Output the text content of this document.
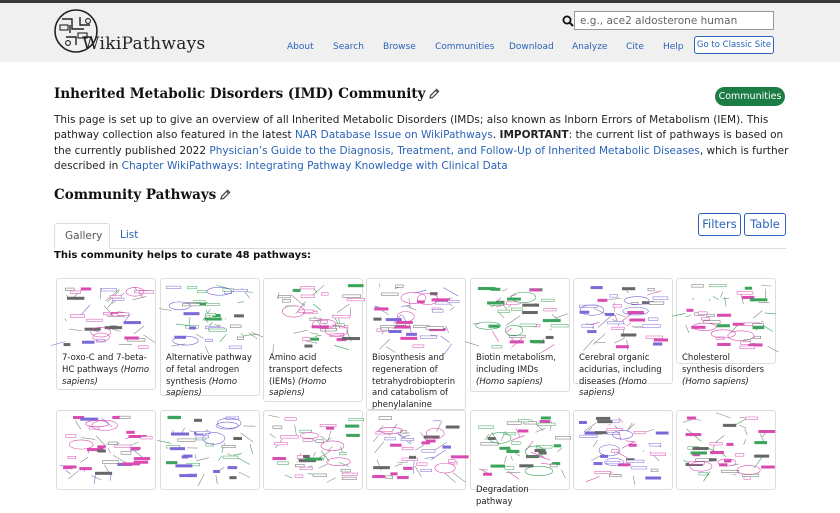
WikiPathways
e.g., ace2 aldosterone human	About Search Browse Communities Download Analyze Cite Help	Go to Classic Site
Inherited Metabolic Disorders (IMD) Community	Communities

This page is set up to give an overview of all Inherited Metabolic Disorders (IMDs; also known as Inborn Errors of Metabolism (IEM). This pathway collection also featured in the latest NAR Database Issue on WikiPathways. IMPORTANT: the current list of pathways is based on the currently published 2022 Physician’s Guide to the Diagnosis, Treatment, and Follow-Up of Inherited Metabolic Diseases, which is further described in Chapter WikiPathways: Integrating Pathway Knowledge with Clinical Data

Community Pathways
Filters	Table
Gallery	List
This community helps to curate 48 pathways:
7-oxo-C and 7-beta-HC pathways (Homo sapiens)
Alternative pathway of fetal androgen synthesis (Homo sapiens)
Amino acid transport defects (IEMs) (Homo sapiens)
Biosynthesis and regeneration of tetrahydrobiopterin and catabolism of phenylalanine
Biotin metabolism, including IMDs (Homo sapiens)
Cerebral organic acidurias, including diseases (Homo sapiens)
Cholesterol synthesis disorders (Homo sapiens)
Degradation pathway
